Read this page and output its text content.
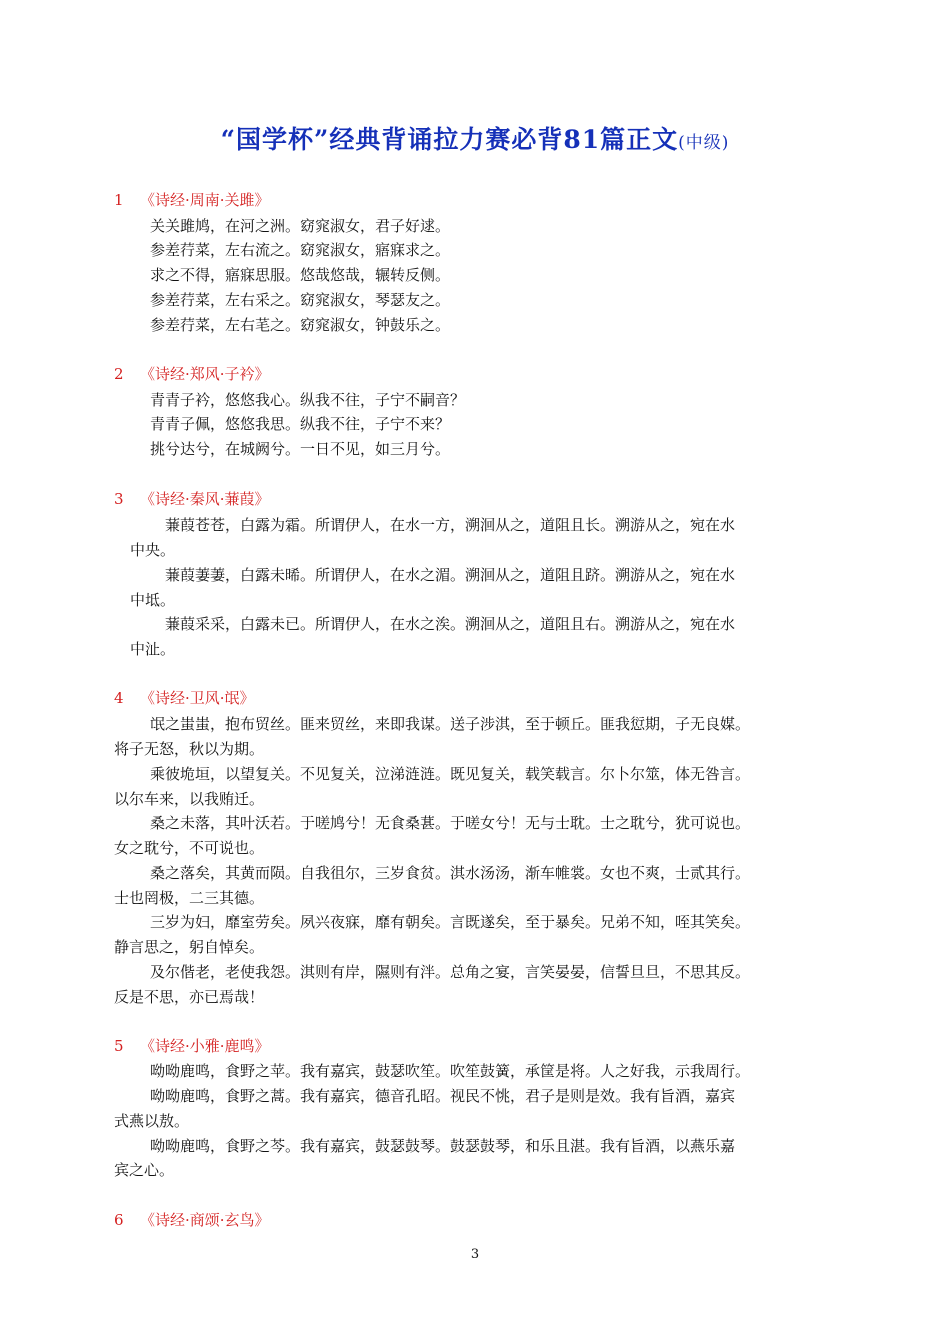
“国学杯”经典背诵拉力赛必背81篇正文(中级)
1 《诗经·周南·关雎》
关关雎鸠，在河之洲。窈窕淑女，君子好逑。
参差荇菜，左右流之。窈窕淑女，寤寐求之。
求之不得，寤寐思服。悠哉悠哉，辗转反侧。
参差荇菜，左右采之。窈窕淑女，琴瑟友之。
参差荇菜，左右芼之。窈窕淑女，钟鼓乐之。
2 《诗经·郑风·子衿》
青青子衿，悠悠我心。纵我不往，子宁不嗣音？
青青子佩，悠悠我思。纵我不往，子宁不来？
挑兮达兮，在城阙兮。一日不见，如三月兮。
3 《诗经·秦风·蒹葭》
蒹葭苍苍，白露为霜。所谓伊人，在水一方，溯洄从之，道阻且长。溯游从之，宛在水
中央。
蒹葭萋萋，白露未晞。所谓伊人，在水之湄。溯洄从之，道阻且跻。溯游从之，宛在水
中坻。
蒹葭采采，白露未已。所谓伊人，在水之涘。溯洄从之，道阻且右。溯游从之，宛在水
中沚。
4 《诗经·卫风·氓》
氓之蚩蚩，抱布贸丝。匪来贸丝，来即我谋。送子涉淇，至于顿丘。匪我愆期，子无良媒。
将子无怒，秋以为期。
乘彼垝垣，以望复关。不见复关，泣涕涟涟。既见复关，载笑载言。尔卜尔筮，体无咎言。
以尔车来，以我贿迁。
桑之未落，其叶沃若。于嗟鸠兮！无食桑葚。于嗟女兮！无与士耽。士之耽兮，犹可说也。
女之耽兮，不可说也。
桑之落矣，其黄而陨。自我徂尔，三岁食贫。淇水汤汤，渐车帷裳。女也不爽，士贰其行。
士也罔极，二三其德。
三岁为妇，靡室劳矣。夙兴夜寐，靡有朝矣。言既遂矣，至于暴矣。兄弟不知，咥其笑矣。
静言思之，躬自悼矣。
及尔偕老，老使我怨。淇则有岸，隰则有泮。总角之宴，言笑晏晏，信誓旦旦，不思其反。
反是不思，亦已焉哉！
5 《诗经·小雅·鹿鸣》
呦呦鹿鸣，食野之苹。我有嘉宾，鼓瑟吹笙。吹笙鼓簧，承筐是将。人之好我，示我周行。
呦呦鹿鸣，食野之蒿。我有嘉宾，德音孔昭。视民不恌，君子是则是效。我有旨酒，嘉宾
式燕以敖。
呦呦鹿鸣，食野之芩。我有嘉宾，鼓瑟鼓琴。鼓瑟鼓琴，和乐且湛。我有旨酒，以燕乐嘉
宾之心。
6 《诗经·商颂·玄鸟》
3
